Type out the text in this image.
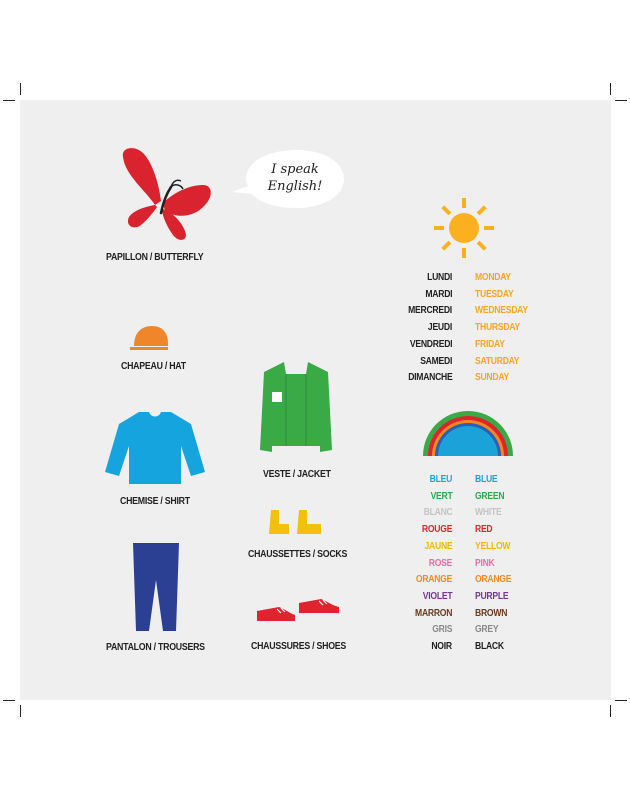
PAPILLON / BUTTERFLY
I speak
English!
CHAPEAU / HAT
CHEMISE / SHIRT
PANTALON / TROUSERS
VESTE / JACKET
CHAUSSETTES / SOCKS
CHAUSSURES / SHOES
LUNDI MONDAY
MARDI TUESDAY
MERCREDI WEDNESDAY
JEUDI THURSDAY
VENDREDI FRIDAY
SAMEDI SATURDAY
DIMANCHE SUNDAY
BLEU BLUE
VERT GREEN
BLANC WHITE
ROUGE RED
JAUNE YELLOW
ROSE PINK
ORANGE ORANGE
VIOLET PURPLE
MARRON BROWN
GRIS GREY
NOIR BLACK
